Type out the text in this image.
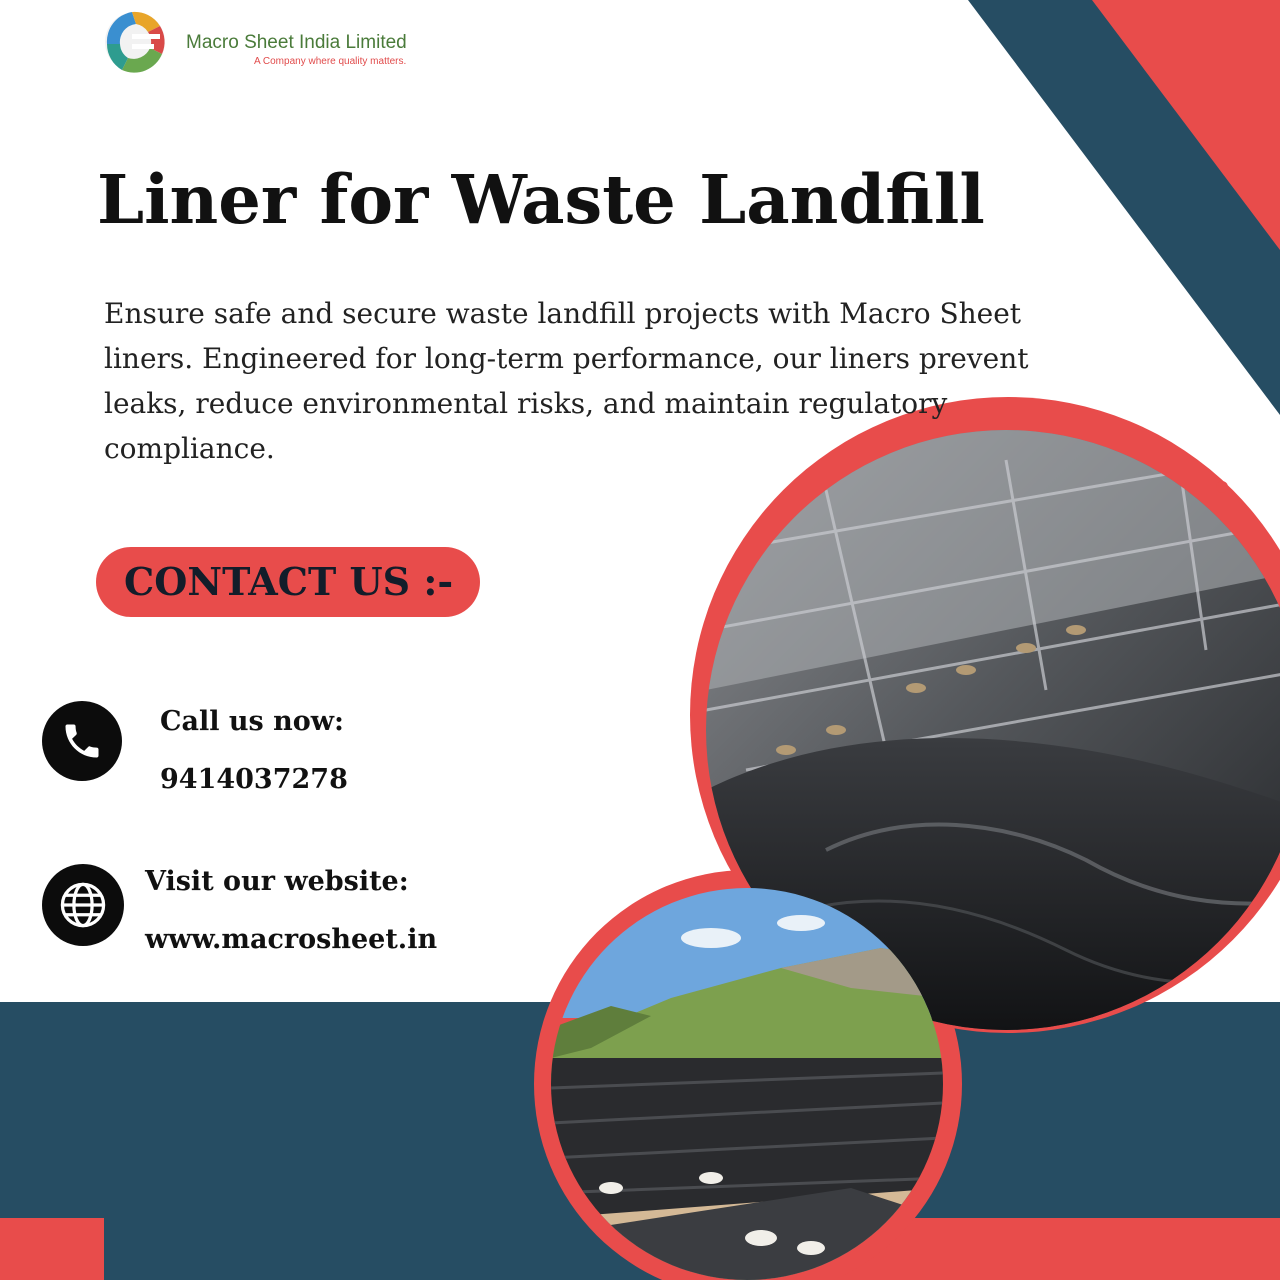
Macro Sheet India Limited
A Company where quality matters.
Liner for Waste Landfill
Ensure safe and secure waste landfill projects with Macro Sheet
liners. Engineered for long-term performance, our liners prevent
leaks, reduce environmental risks, and maintain regulatory
compliance.
CONTACT US :-
Call us now:
9414037278
Visit our website:
www.macrosheet.in
